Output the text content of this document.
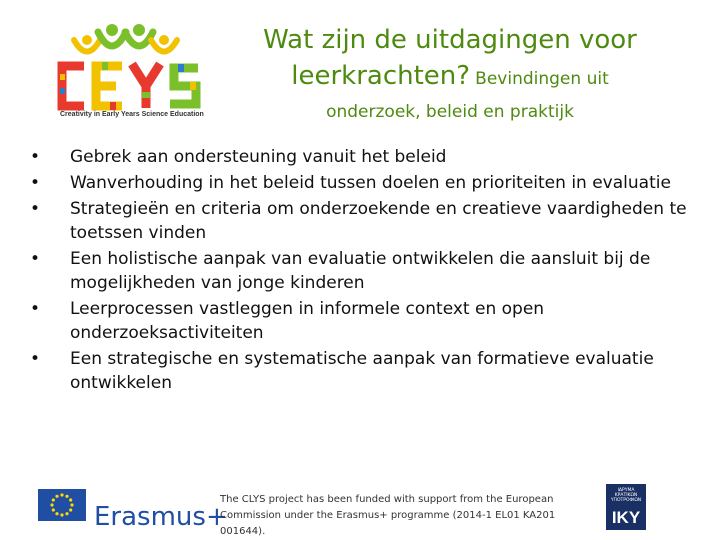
Creativity in Early Years Science Education
Wat zijn de uitdagingen voor
leerkrachten? Bevindingen uit
onderzoek, beleid en praktijk
• Gebrek aan ondersteuning vanuit het beleid
• Wanverhouding in het beleid tussen doelen en prioriteiten in evaluatie
• Strategieën en criteria om onderzoekende en creatieve vaardigheden te toetssen vinden
• Een holistische aanpak van evaluatie ontwikkelen die aansluit bij de mogelijkheden van jonge kinderen
• Leerprocessen vastleggen in informele context en open onderzoeksactiviteiten
• Een strategische en systematische aanpak van formatieve evaluatie ontwikkelen
Erasmus+
The CLYS project has been funded with support from the European
Commission under the Erasmus+ programme (2014-1 EL01 KA201 001644).
ΙΔΡΥΜΑ ΚΡΑΤΙΚΩΝ ΥΠΟΤΡΟΦΙΩΝ
IKY
